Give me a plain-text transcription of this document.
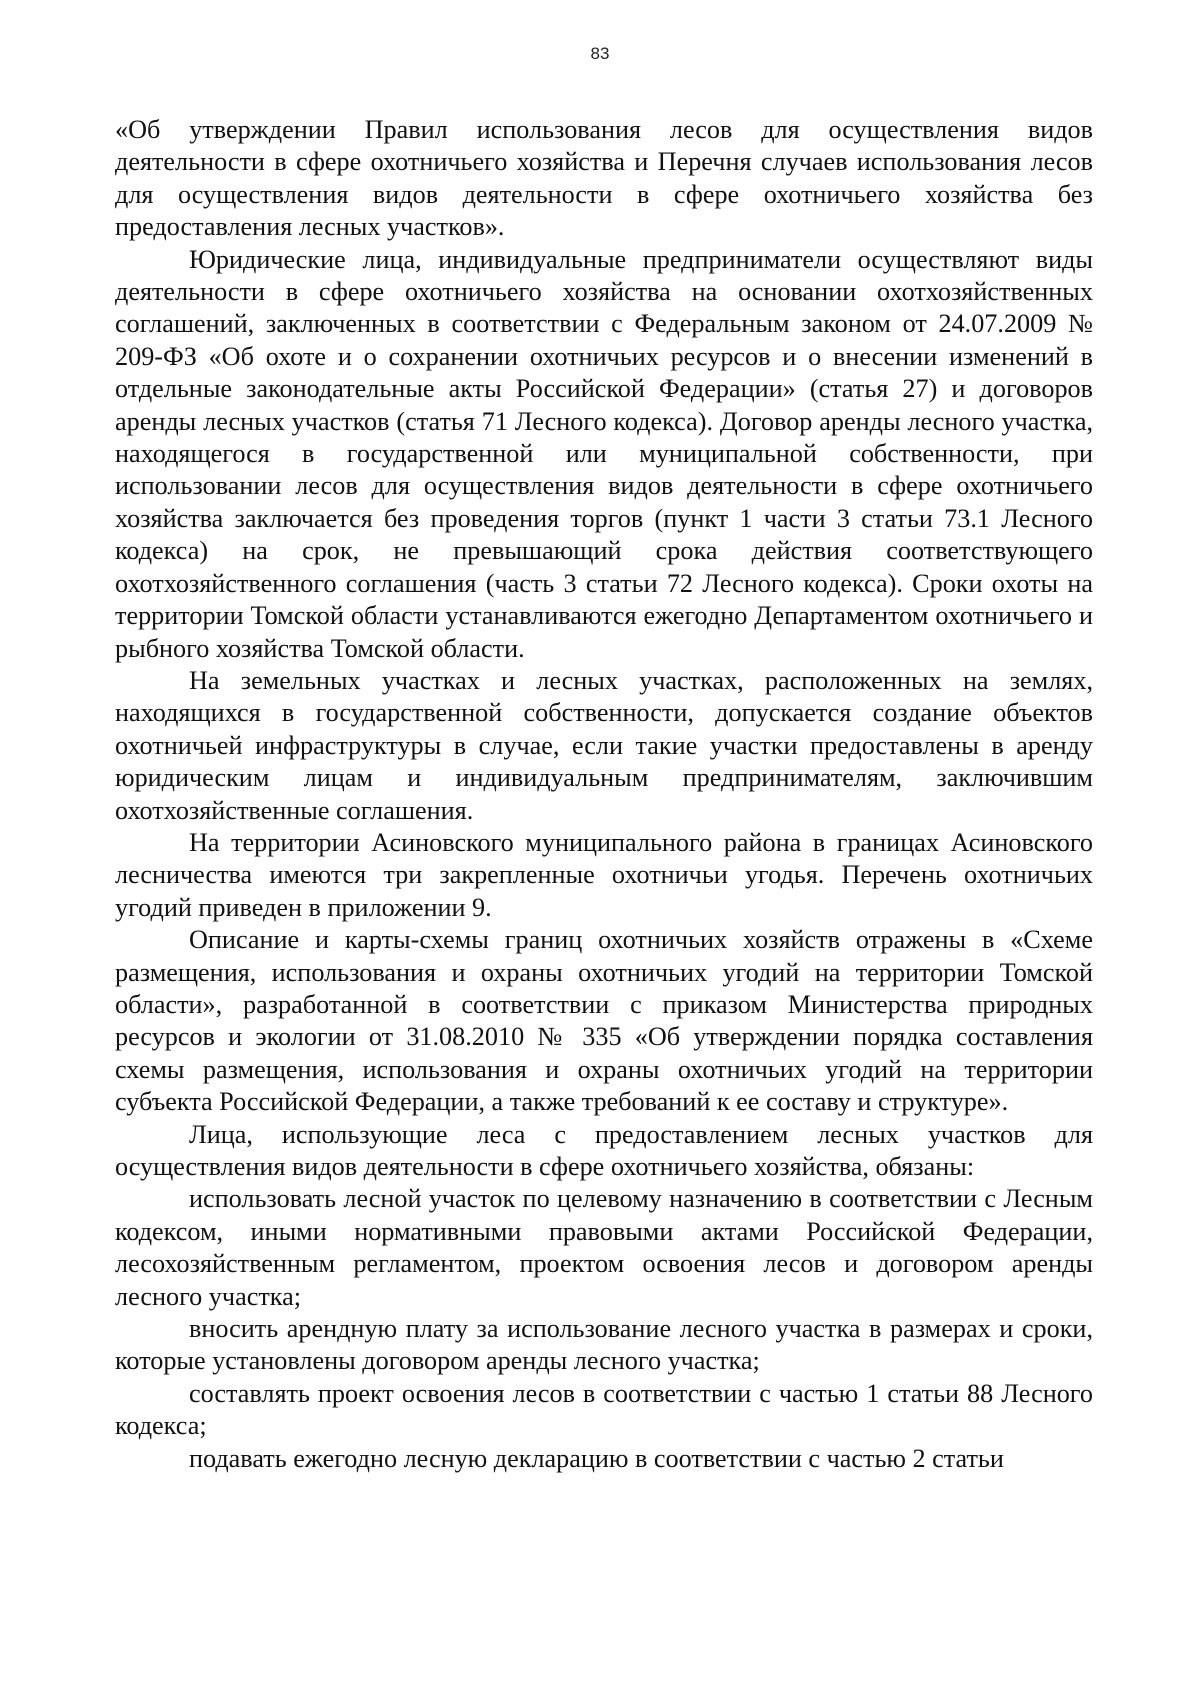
83

«Об утверждении Правил использования лесов для осуществления видов деятельности в сфере охотничьего хозяйства и Перечня случаев использования лесов для осуществления видов деятельности в сфере охотничьего хозяйства без предоставления лесных участков».

Юридические лица, индивидуальные предприниматели осуществляют виды деятельности в сфере охотничьего хозяйства на основании охотхозяйственных соглашений, заключенных в соответствии с Федеральным законом от 24.07.2009 № 209-ФЗ «Об охоте и о сохранении охотничьих ресурсов и о внесении изменений в отдельные законодательные акты Российской Федерации» (статья 27) и договоров аренды лесных участков (статья 71 Лесного кодекса). Договор аренды лесного участка, находящегося в государственной или муниципальной собственности, при использовании лесов для осуществления видов деятельности в сфере охотничьего хозяйства заключается без проведения торгов (пункт 1 части 3 статьи 73.1 Лесного кодекса) на срок, не превышающий срока действия соответствующего охотхозяйственного соглашения (часть 3 статьи 72 Лесного кодекса). Сроки охоты на территории Томской области устанавливаются ежегодно Департаментом охотничьего и рыбного хозяйства Томской области.

На земельных участках и лесных участках, расположенных на землях, находящихся в государственной собственности, допускается создание объектов охотничьей инфраструктуры в случае, если такие участки предоставлены в аренду юридическим лицам и индивидуальным предпринимателям, заключившим охотхозяйственные соглашения.

На территории Асиновского муниципального района в границах Асиновского лесничества имеются три закрепленные охотничьи угодья. Перечень охотничьих угодий приведен в приложении 9.

Описание и карты-схемы границ охотничьих хозяйств отражены в «Схеме размещения, использования и охраны охотничьих угодий на территории Томской области», разработанной в соответствии с приказом Министерства природных ресурсов и экологии от 31.08.2010 № 335 «Об утверждении порядка составления схемы размещения, использования и охраны охотничьих угодий на территории субъекта Российской Федерации, а также требований к ее составу и структуре».

Лица, использующие леса с предоставлением лесных участков для осуществления видов деятельности в сфере охотничьего хозяйства, обязаны:

использовать лесной участок по целевому назначению в соответствии с Лесным кодексом, иными нормативными правовыми актами Российской Федерации, лесохозяйственным регламентом, проектом освоения лесов и договором аренды лесного участка;

вносить арендную плату за использование лесного участка в размерах и сроки, которые установлены договором аренды лесного участка;

составлять проект освоения лесов в соответствии с частью 1 статьи 88 Лесного кодекса;

подавать ежегодно лесную декларацию в соответствии с частью 2 статьи
